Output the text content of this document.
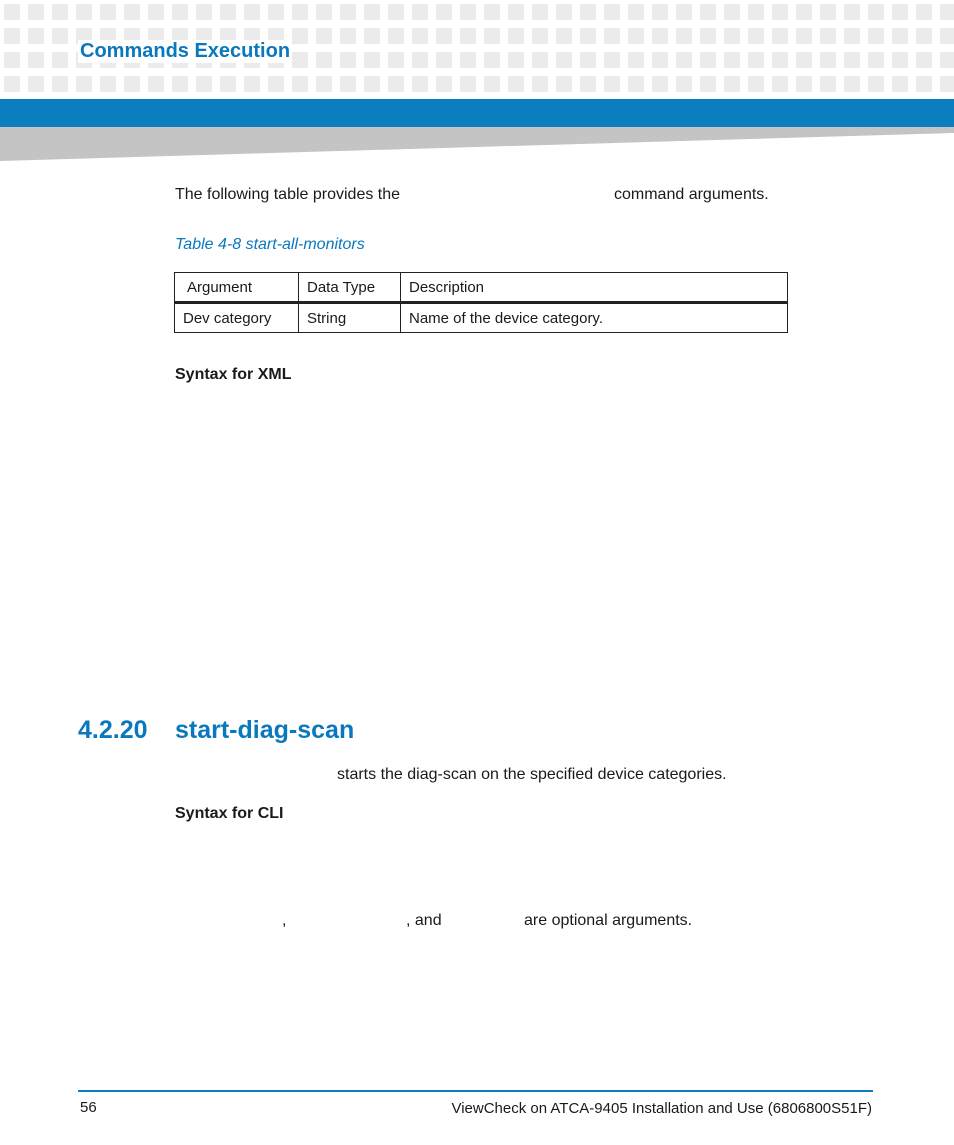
Commands Execution
The following table provides the	command arguments.
Table 4-8 start-all-monitors
Argument	Data Type	Description
Dev category	String	Name of the device category.
Syntax for XML
4.2.20 start-diag-scan
starts the diag-scan on the specified device categories.
Syntax for CLI
,	, and	are optional arguments.
56	ViewCheck on ATCA-9405 Installation and Use (6806800S51F)
